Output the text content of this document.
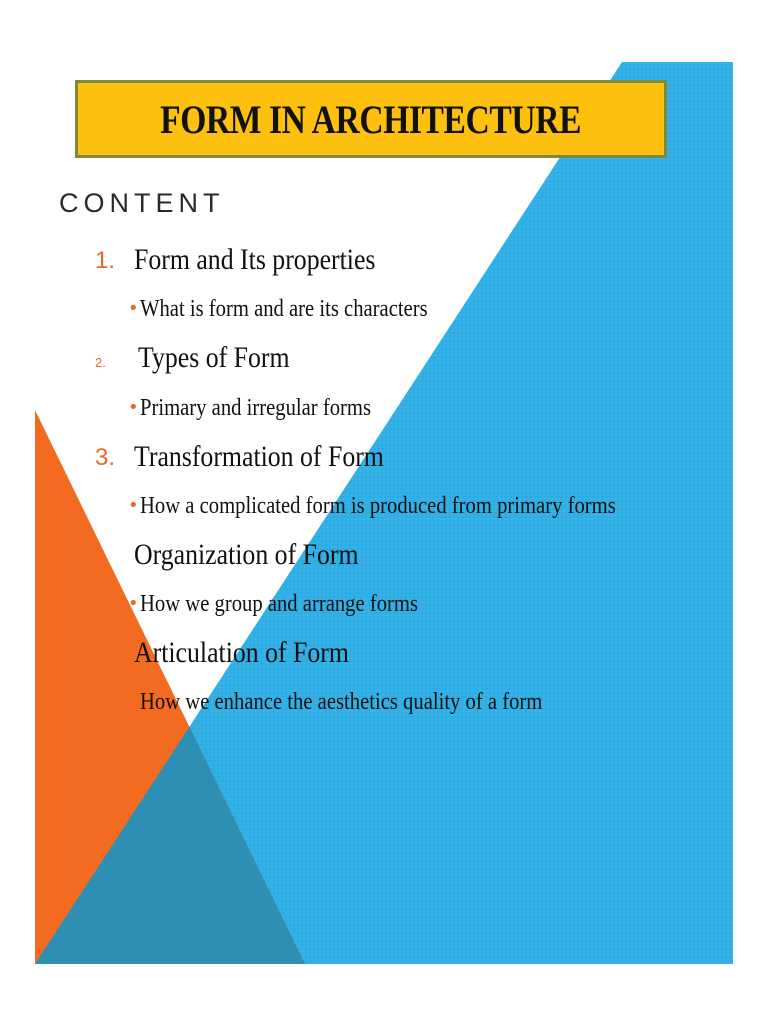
FORM IN ARCHITECTURE
CONTENT
1. Form and Its properties
• What is form and are its characters
2. Types of Form
• Primary and irregular forms
3. Transformation of Form
• How a complicated form is produced from primary forms
Organization of Form
• How we group and arrange forms
Articulation of Form
How we enhance the aesthetics quality of a form
